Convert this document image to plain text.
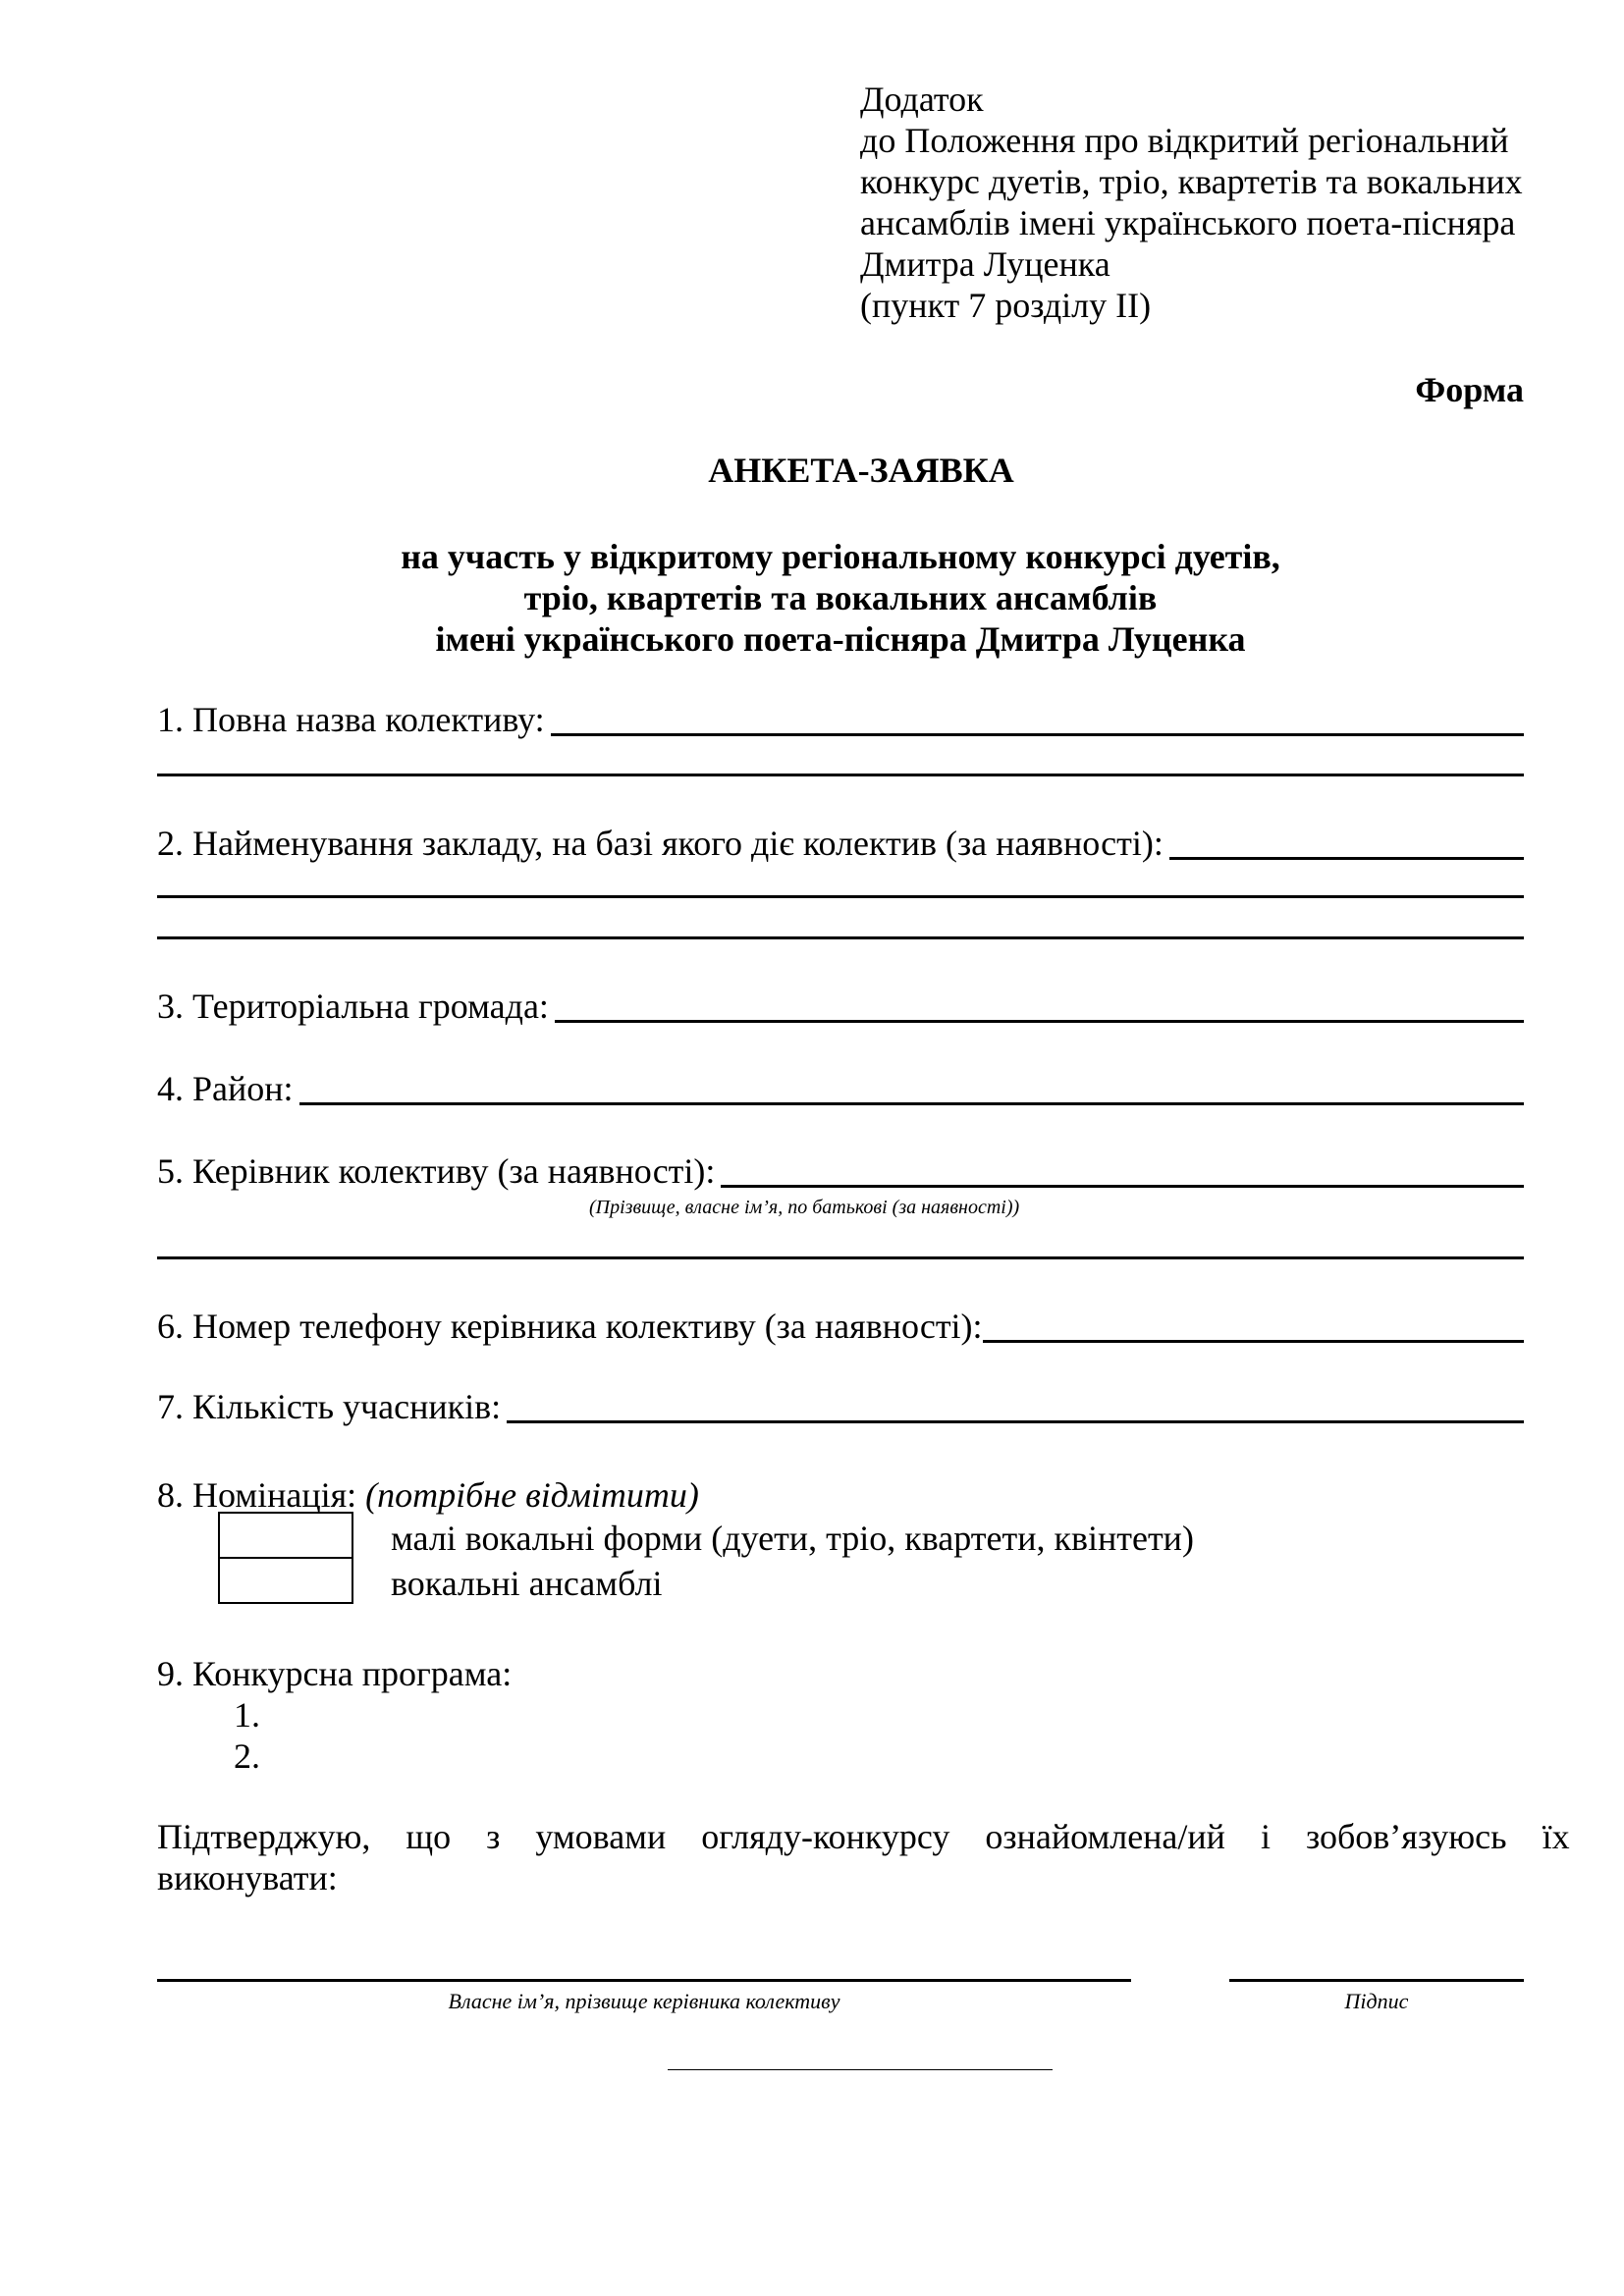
Додаток
до Положення про відкритий регіональний
конкурс дуетів, тріо, квартетів та вокальних
ансамблів імені українського поета-пісняра
Дмитра Луценка
(пункт 7 розділу ІІ)
Форма
АНКЕТА-ЗАЯВКА
на участь у відкритому регіональному конкурсі дуетів,
тріо, квартетів та вокальних ансамблів
імені українського поета-пісняра Дмитра Луценка
1. Повна назва колективу:
2. Найменування закладу, на базі якого діє колектив (за наявності):
3. Територіальна громада:
4. Район:
5. Керівник колективу (за наявності):
(Прізвище, власне ім’я, по батькові (за наявності))
6. Номер телефону керівника колективу (за наявності):
7. Кількість учасників:
8. Номінація: (потрібне відмітити)
малі вокальні форми (дуети, тріо, квартети, квінтети)
вокальні ансамблі
9. Конкурсна програма:
1.
2.
Підтверджую,    що    з    умовами    огляду-конкурсу    ознайомлена/ий    і    зобов’язуюсь    їх
виконувати:
Власне ім’я, прізвище керівника колективу	Підпис
